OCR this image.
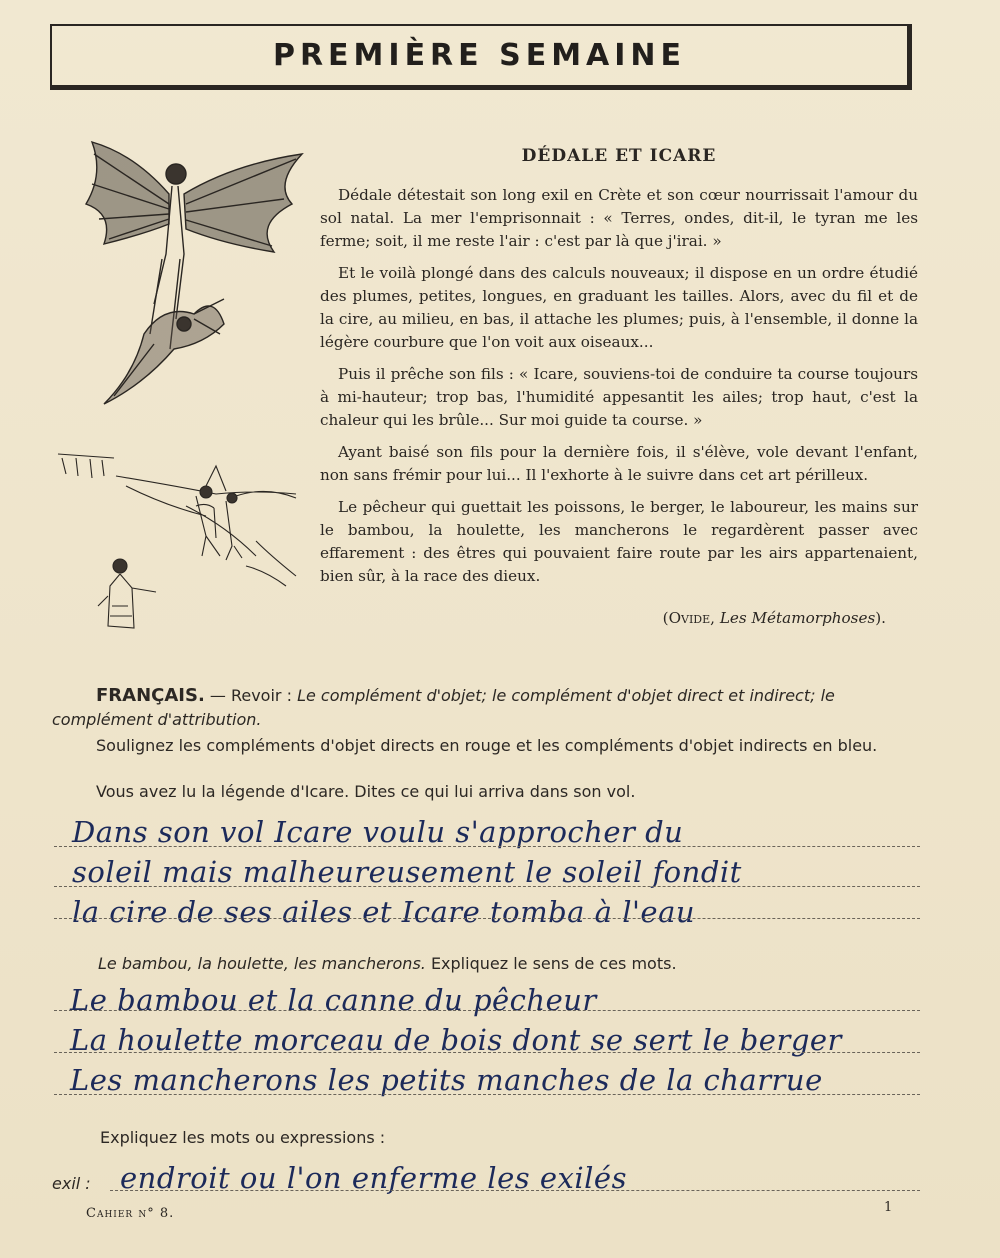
PREMIÈRE SEMAINE
DÉDALE ET ICARE

Dédale détestait son long exil en Crète et son cœur nourrissait l'amour du sol natal. La mer l'emprisonnait : « Terres, ondes, dit-il, le tyran me les ferme; soit, il me reste l'air : c'est par là que j'irai. »

Et le voilà plongé dans des calculs nouveaux; il dispose en un ordre étudié des plumes, petites, longues, en graduant les tailles. Alors, avec du fil et de la cire, au milieu, en bas, il attache les plumes; puis, à l'ensemble, il donne la légère courbure que l'on voit aux oiseaux...

Puis il prêche son fils : « Icare, souviens-toi de conduire ta course toujours à mi-hauteur; trop bas, l'humidité appesantit les ailes; trop haut, c'est la chaleur qui les brûle... Sur moi guide ta course. »

Ayant baisé son fils pour la dernière fois, il s'élève, vole devant l'enfant, non sans frémir pour lui... Il l'exhorte à le suivre dans cet art périlleux.

Le pêcheur qui guettait les poissons, le berger, le laboureur, les mains sur le bambou, la houlette, les mancherons le regardèrent passer avec effarement : des êtres qui pouvaient faire route par les airs appartenaient, bien sûr, à la race des dieux.

(Ovide, Les Métamorphoses).
FRANÇAIS. — Revoir : Le complément d'objet; le complément d'objet direct et indirect; le complément d'attribution.
Soulignez les compléments d'objet directs en rouge et les compléments d'objet indirects en bleu.
Vous avez lu la légende d'Icare. Dites ce qui lui arriva dans son vol.
Dans son vol Icare voulu s'approcher du
soleil mais malheureusement le soleil fondit
la cire de ses ailes et Icare tomba à l'eau
Le bambou, la houlette, les mancherons. Expliquez le sens de ces mots.
Le bambou et la canne du pêcheur
La houlette morceau de bois dont se sert le berger
Les mancherons les petits manches de la charrue
Expliquez les mots ou expressions :
exil :	endroit ou l'on enferme les exilés
Cahier n° 8.	1
